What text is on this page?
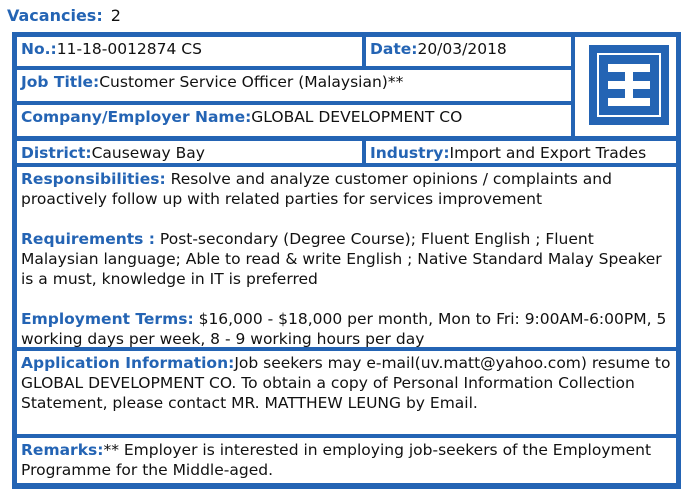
Vacancies: 2
No.:11-18-0012874 CS	Date:20/03/2018
Job Title:Customer Service Officer (Malaysian)**
Company/Employer Name:GLOBAL DEVELOPMENT CO
District:Causeway Bay	Industry:Import and Export Trades
Responsibilities: Resolve and analyze customer opinions / complaints and proactively follow up with related parties for services improvement
Requirements : Post-secondary (Degree Course); Fluent English ; Fluent Malaysian language; Able to read & write English ; Native Standard Malay Speaker is a must, knowledge in IT is preferred
Employment Terms: $16,000 - $18,000 per month, Mon to Fri: 9:00AM-6:00PM, 5 working days per week, 8 - 9 working hours per day
Application Information:Job seekers may e-mail(uv.matt@yahoo.com) resume to GLOBAL DEVELOPMENT CO. To obtain a copy of Personal Information Collection Statement, please contact MR. MATTHEW LEUNG by Email.
Remarks:** Employer is interested in employing job-seekers of the Employment Programme for the Middle-aged.
